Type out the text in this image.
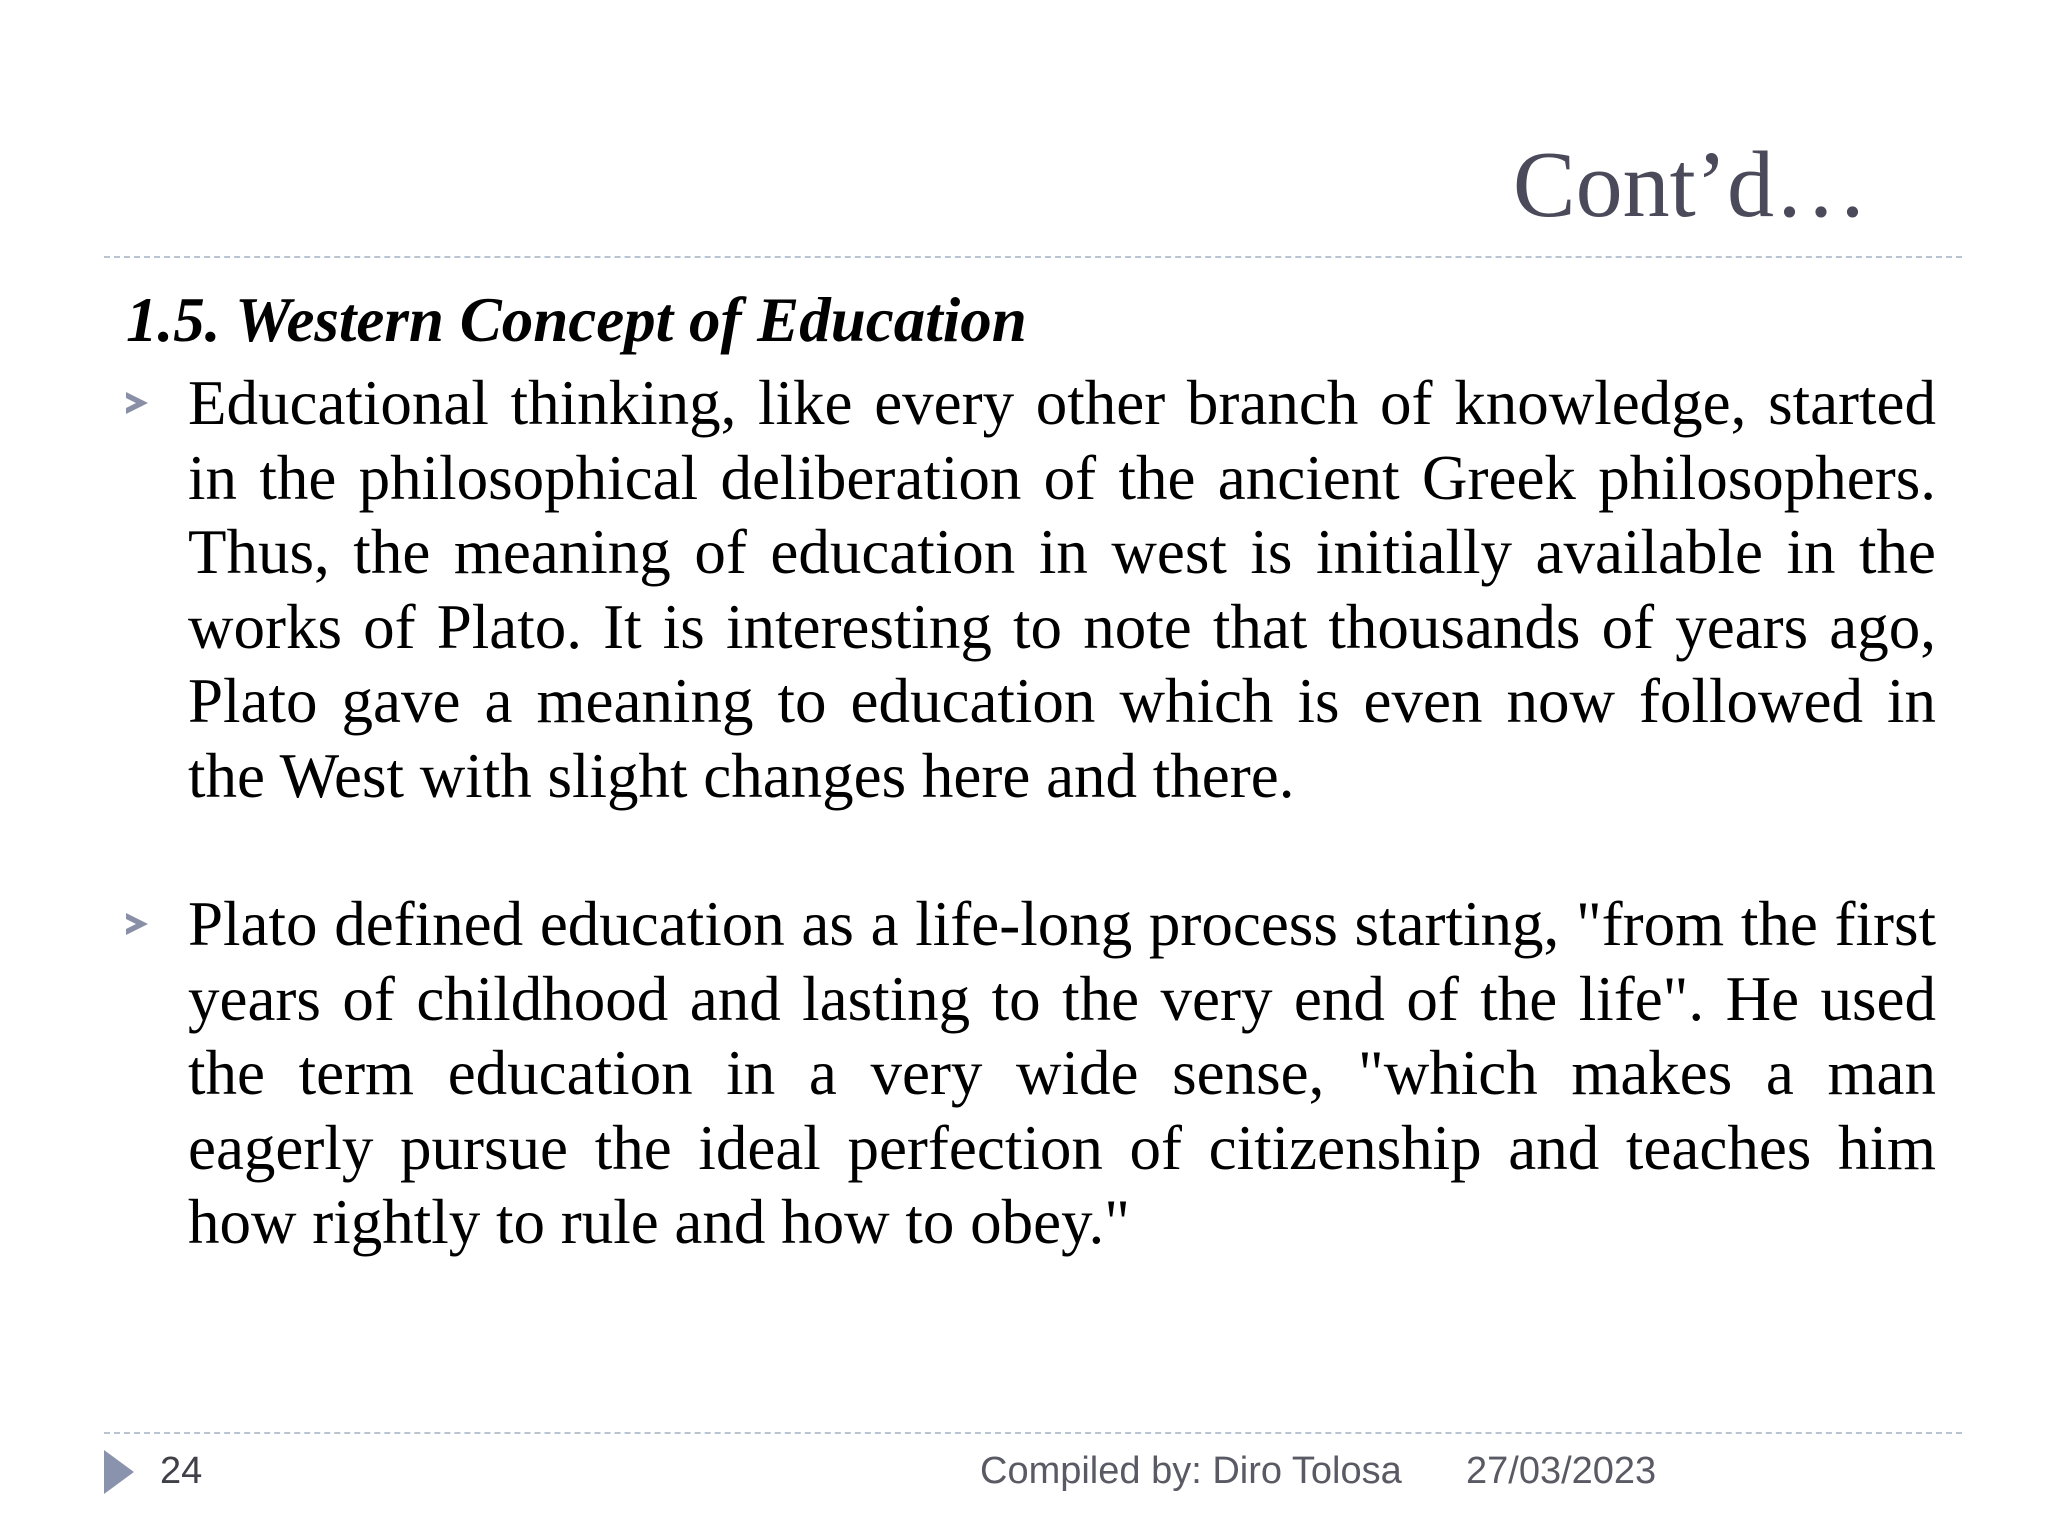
Cont’d…
1.5. Western Concept of Education
Educational thinking, like every other branch of knowledge, started in the philosophical deliberation of the ancient Greek philosophers. Thus, the meaning of education in west is initially available in the works of Plato. It is interesting to note that thousands of years ago, Plato gave a meaning to education which is even now followed in the West with slight changes here and there.
Plato defined education as a life-long process starting, "from the first years of childhood and lasting to the very end of the life". He used the term education in a very wide sense, "which makes a man eagerly pursue the ideal perfection of citizenship and teaches him how rightly to rule and how to obey."
24	Compiled by: Diro Tolosa 27/03/2023
